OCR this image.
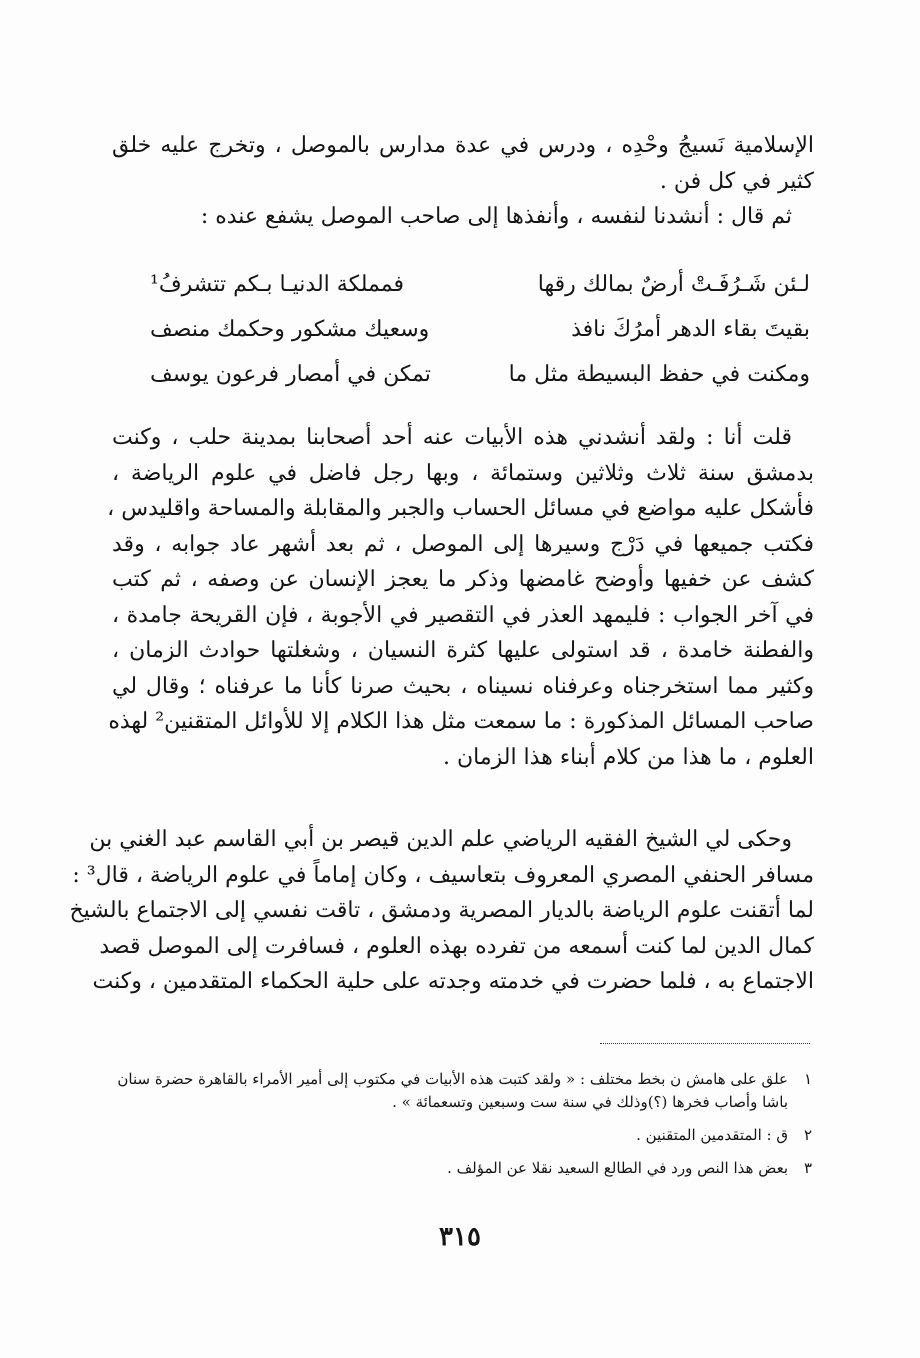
الإسلامية نَسيجُ وحْدِه ، ودرس في عدة مدارس بالموصل ، وتخرج عليه خلق
كثير في كل فن .
ثم قال : أنشدنا لنفسه ، وأنفذها إلى صاحب الموصل يشفع عنده :
لـئن شَـرُفَـتْ أرضٌ بمالك رقها
فمملكة الدنيـا بـكم تتشرفُ¹
بقيتَ بقاء الدهر أمرُكَ نافذ
وسعيك مشكور وحكمك منصف
ومكنت في حفظ البسيطة مثل ما
تمكن في أمصار فرعون يوسف
قلت أنا : ولقد أنشدني هذه الأبيات عنه أحد أصحابنا بمدينة حلب ، وكنت
بدمشق سنة ثلاث وثلاثين وستمائة ، وبها رجل فاضل في علوم الرياضة ،
فأشكل عليه مواضع في مسائل الحساب والجبر والمقابلة والمساحة واقليدس ،
فكتب جميعها في دَرْج وسيرها إلى الموصل ، ثم بعد أشهر عاد جوابه ، وقد
كشف عن خفيها وأوضح غامضها وذكر ما يعجز الإنسان عن وصفه ، ثم كتب
في آخر الجواب : فليمهد العذر في التقصير في الأجوبة ، فإن القريحة جامدة ،
والفطنة خامدة ، قد استولى عليها كثرة النسيان ، وشغلتها حوادث الزمان ،
وكثير مما استخرجناه وعرفناه نسيناه ، بحيث صرنا كأنا ما عرفناه ؛ وقال لي
صاحب المسائل المذكورة : ما سمعت مثل هذا الكلام إلا للأوائل المتقنين² لهذه
العلوم ، ما هذا من كلام أبناء هذا الزمان .
وحكى لي الشيخ الفقيه الرياضي علم الدين قيصر بن أبي القاسم عبد الغني بن
مسافر الحنفي المصري المعروف بتعاسيف ، وكان إماماً في علوم الرياضة ، قال³ :
لما أتقنت علوم الرياضة بالديار المصرية ودمشق ، تاقت نفسي إلى الاجتماع بالشيخ
كمال الدين لما كنت أسمعه من تفرده بهذه العلوم ، فسافرت إلى الموصل قصد
الاجتماع به ، فلما حضرت في خدمته وجدته على حلية الحكماء المتقدمين ، وكنت
١
علق على هامش ن بخط مختلف : « ولقد كتبت هذه الأبيات في مكتوب إلى أمير الأمراء بالقاهرة حضرة سنان باشا وأصاب فخرها (؟)وذلك في سنة ست وسبعين وتسعمائة » .
٢
ق : المتقدمين المتقنين .
٣
بعض هذا النص ورد في الطالع السعيد نقلا عن المؤلف .
٣١٥
